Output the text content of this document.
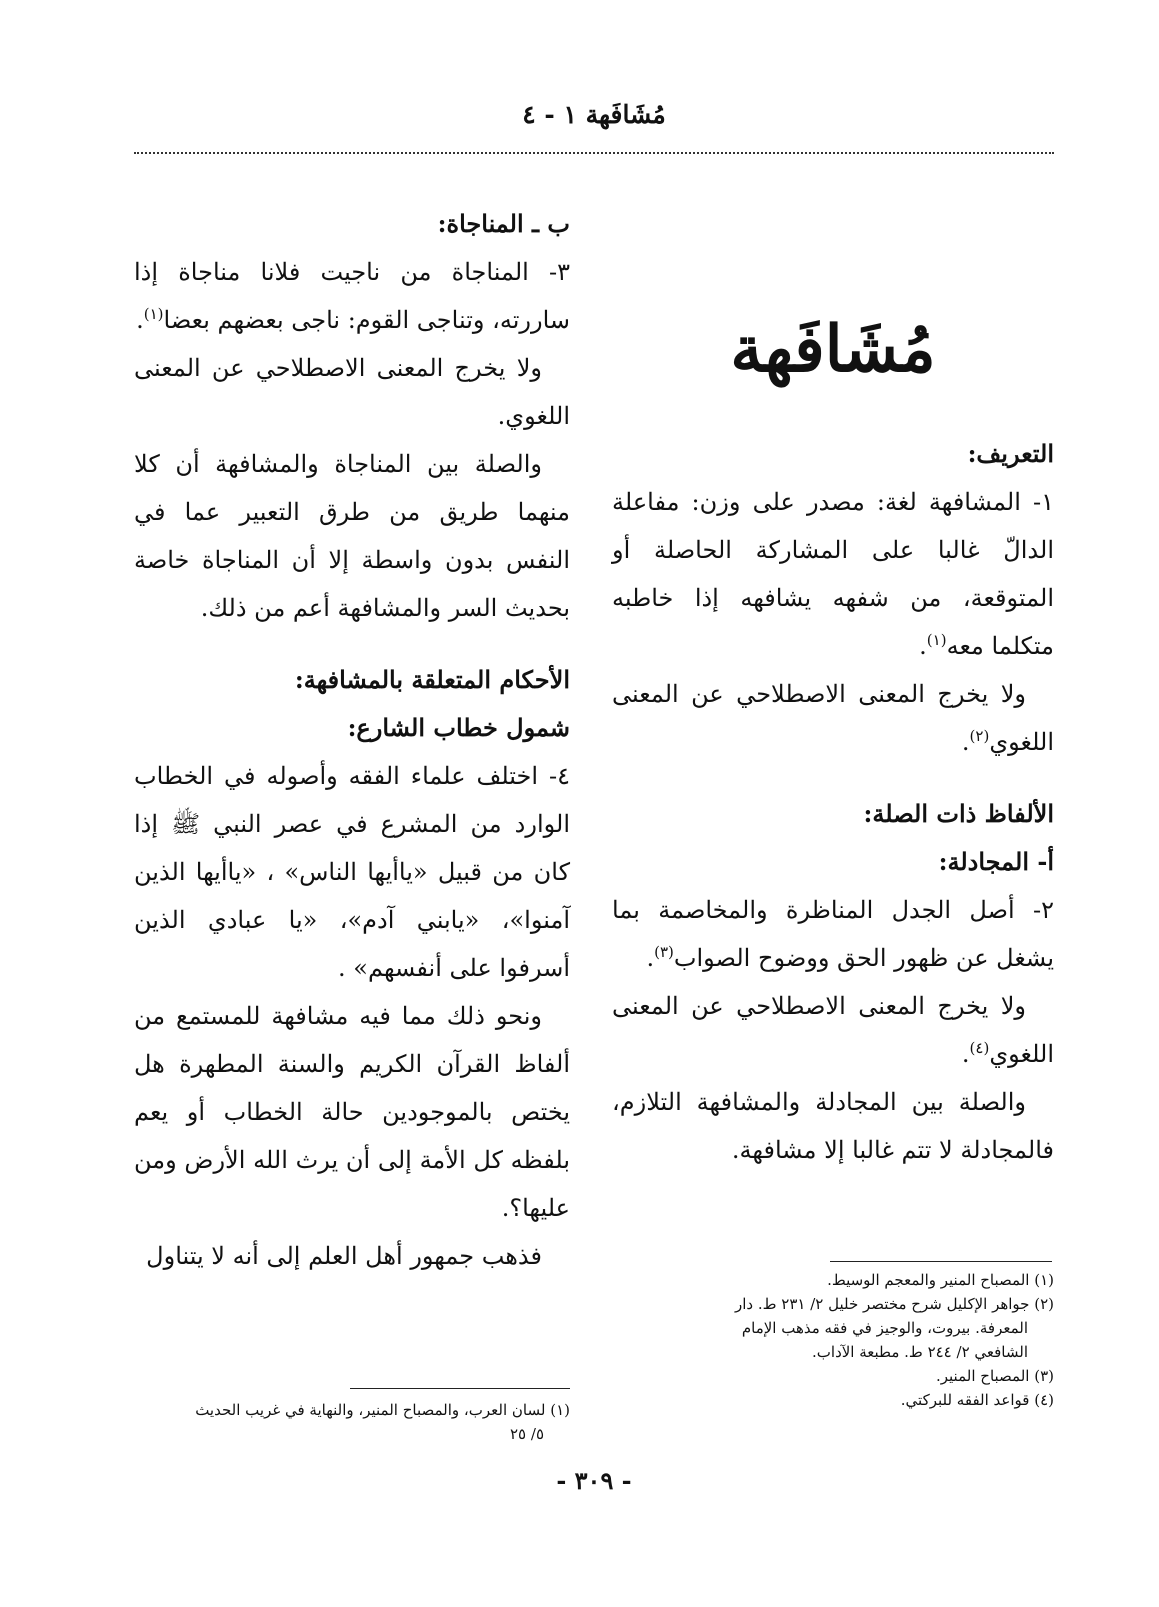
مُشَافَهة ١ - ٤

مُشَافَهة

التعريف:

١- المشافهة لغة: مصدر على وزن: مفاعلة الدالّ غالبا على المشاركة الحاصلة أو المتوقعة، من شفهه يشافهه إذا خاطبه متكلما معه$^{(١)}$.

ولا يخرج المعنى الاصطلاحي عن المعنى اللغوي$^{(٢)}$.

الألفاظ ذات الصلة:

أ- المجادلة:

٢- أصل الجدل المناظرة والمخاصمة بما يشغل عن ظهور الحق ووضوح الصواب$^{(٣)}$.

ولا يخرج المعنى الاصطلاحي عن المعنى اللغوي$^{(٤)}$.

والصلة بين المجادلة والمشافهة التلازم، فالمجادلة لا تتم غالبا إلا مشافهة.

ب ـ المناجاة:

٣- المناجاة من ناجيت فلانا مناجاة إذا ساررته، وتناجى القوم: ناجى بعضهم بعضا$^{(١)}$.

ولا يخرج المعنى الاصطلاحي عن المعنى اللغوي.

والصلة بين المناجاة والمشافهة أن كلا منهما طريق من طرق التعبير عما في النفس بدون واسطة إلا أن المناجاة خاصة بحديث السر والمشافهة أعم من ذلك.

الأحكام المتعلقة بالمشافهة:

شمول خطاب الشارع:

٤- اختلف علماء الفقه وأصوله في الخطاب الوارد من المشرع في عصر النبي ﷺ إذا كان من قبيل «ياأيها الناس» ، «ياأيها الذين آمنوا»، «يابني آدم»، «يا عبادي الذين أسرفوا على أنفسهم» .

ونحو ذلك مما فيه مشافهة للمستمع من ألفاظ القرآن الكريم والسنة المطهرة هل يختص بالموجودين حالة الخطاب أو يعم بلفظه كل الأمة إلى أن يرث الله الأرض ومن عليها؟.

فذهب جمهور أهل العلم إلى أنه لا يتناول

(١) المصباح المنير والمعجم الوسيط.

(٢) جواهر الإكليل شرح مختصر خليل ٢/ ٢٣١ ط. دار

المعرفة. بيروت، والوجيز في فقه مذهب الإمام

الشافعي ٢/ ٢٤٤ ط. مطبعة الآداب.

(٣) المصباح المنير.

(٤) قواعد الفقه للبركتي.

(١) لسان العرب، والمصباح المنير، والنهاية في غريب الحديث

٥/ ٢٥

- ٣٠٩ -
